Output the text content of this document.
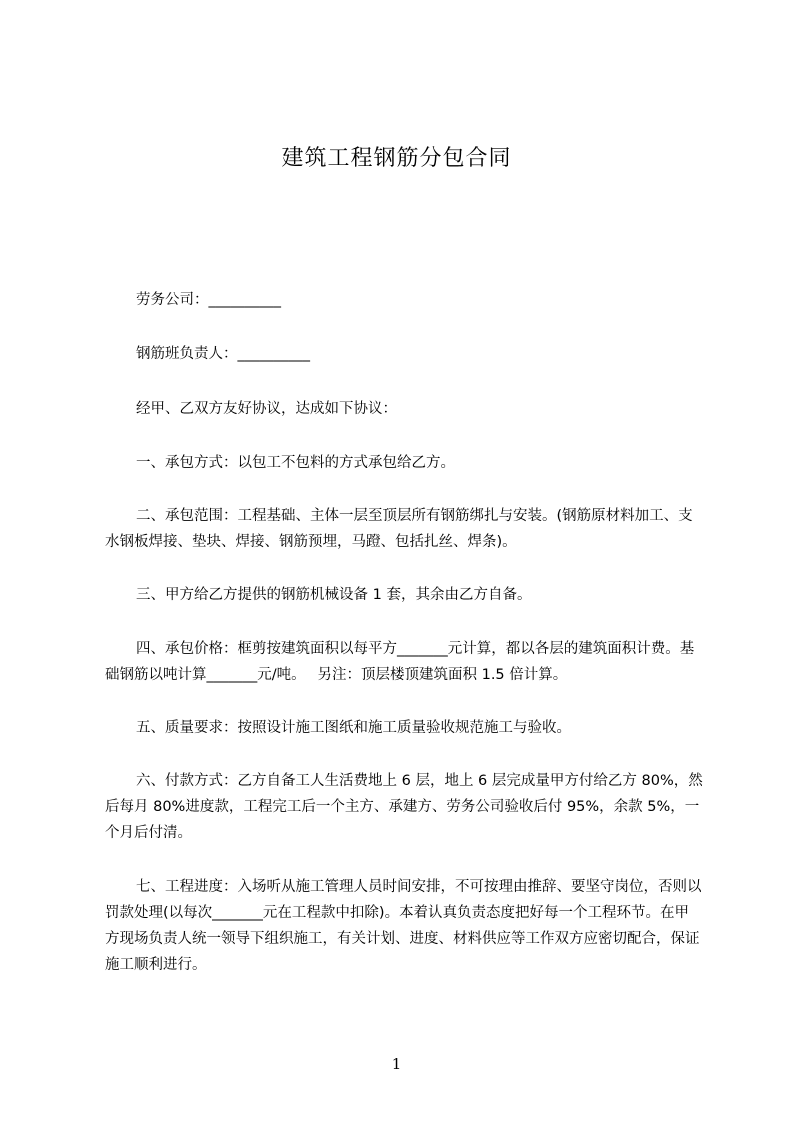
建筑工程钢筋分包合同
劳务公司：__________
钢筋班负责人：__________
经甲、乙双方友好协议，达成如下协议：
一、承包方式：以包工不包料的方式承包给乙方。
二、承包范围：工程基础、主体一层至顶层所有钢筋绑扎与安装。(钢筋原材料加工、支水钢板焊接、垫块、焊接、钢筋预埋，马蹬、包括扎丝、焊条)。
三、甲方给乙方提供的钢筋机械设备 1 套，其余由乙方自备。
四、承包价格：框剪按建筑面积以每平方_______元计算，都以各层的建筑面积计费。基础钢筋以吨计算_______元/吨。　 另注：顶层楼顶建筑面积 1.5 倍计算。
五、质量要求：按照设计施工图纸和施工质量验收规范施工与验收。
六、付款方式：乙方自备工人生活费地上 6 层，地上 6 层完成量甲方付给乙方 80%，然后每月 80%进度款，工程完工后一个主方、承建方、劳务公司验收后付 95%，余款 5%，一个月后付清。
七、工程进度：入场听从施工管理人员时间安排，不可按理由推辞、要坚守岗位，否则以罚款处理(以每次_______元在工程款中扣除)。本着认真负责态度把好每一个工程环节。在甲方现场负责人统一领导下组织施工，有关计划、进度、材料供应等工作双方应密切配合，保证施工顺利进行。
1
